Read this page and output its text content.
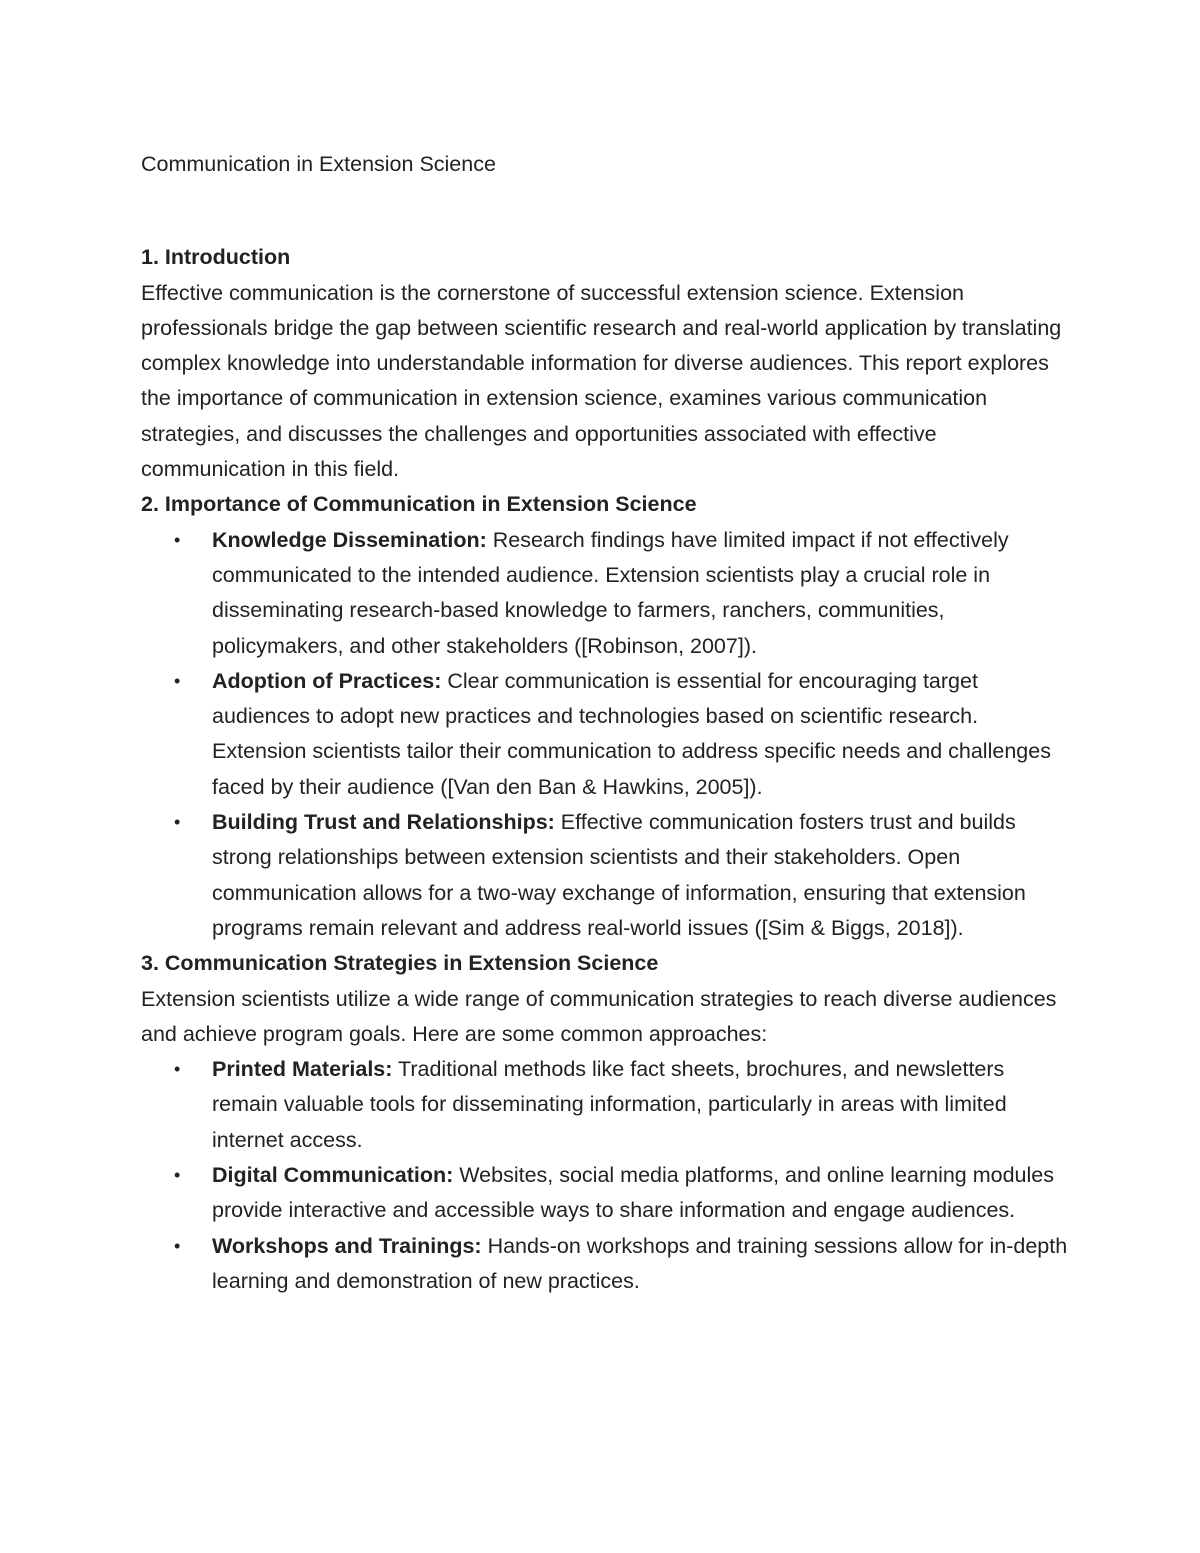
Communication in Extension Science
1. Introduction

Effective communication is the cornerstone of successful extension science. Extension professionals bridge the gap between scientific research and real-world application by translating complex knowledge into understandable information for diverse audiences. This report explores the importance of communication in extension science, examines various communication strategies, and discusses the challenges and opportunities associated with effective communication in this field.

2. Importance of Communication in Extension Science
• Knowledge Dissemination: Research findings have limited impact if not effectively communicated to the intended audience. Extension scientists play a crucial role in disseminating research-based knowledge to farmers, ranchers, communities, policymakers, and other stakeholders ([Robinson, 2007]).
• Adoption of Practices: Clear communication is essential for encouraging target audiences to adopt new practices and technologies based on scientific research. Extension scientists tailor their communication to address specific needs and challenges faced by their audience ([Van den Ban & Hawkins, 2005]).
• Building Trust and Relationships: Effective communication fosters trust and builds strong relationships between extension scientists and their stakeholders. Open communication allows for a two-way exchange of information, ensuring that extension programs remain relevant and address real-world issues ([Sim & Biggs, 2018]).
3. Communication Strategies in Extension Science

Extension scientists utilize a wide range of communication strategies to reach diverse audiences and achieve program goals. Here are some common approaches:

• Printed Materials: Traditional methods like fact sheets, brochures, and newsletters remain valuable tools for disseminating information, particularly in areas with limited internet access.
• Digital Communication: Websites, social media platforms, and online learning modules provide interactive and accessible ways to share information and engage audiences.
• Workshops and Trainings: Hands-on workshops and training sessions allow for in-depth learning and demonstration of new practices.
